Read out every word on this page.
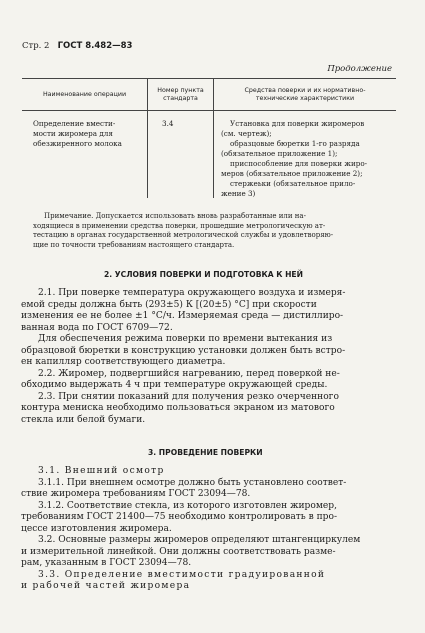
Стр. 2 ГОСТ 8.482—83
Продолжение
Наименование операции
Номер пункта
стандарта
Средства поверки и их нормативно-
технические характеристики
Определение вмести-
мости жиромера для
обезжиренного молока
3.4	Установка для поверки жиромеров
(см. чертеж);
образцовые бюретки 1-го разряда
(обязательное приложение 1);
приспособление для поверки жиро-
меров (обязательное приложение 2);
стержеьки (обязательное прило-
жение 3)
Примечание. Допускается использовать вновь разработанные или на-
ходящиеся в применении средства поверки, прошедшие метрологическую ат-
тестацию в органах государственной метрологической службы и удовлетворяю-
щие по точности требованиям настоящего стандарта.
2. УСЛОВИЯ ПОВЕРКИ И ПОДГОТОВКА К НЕЙ
2.1. При поверке температура окружающего воздуха и измеря-
емой среды должна быть (293±5) К [(20±5) °С] при скорости
изменения ее не более ±1 °С/ч. Измеряемая среда — дистиллиро-
ванная вода по ГОСТ 6709—72.
Для обеспечения режима поверки по времени вытекания из
образцовой бюретки в конструкцию установки должен быть встро-
ен капилляр соответствующего диаметра.
2.2. Жиромер, подвергшийся нагреванию, перед поверкой не-
обходимо выдержать 4 ч при температуре окружающей среды.
2.3. При снятии показаний для получения резко очерченного
контура мениска необходимо пользоваться экраном из матового
стекла или белой бумаги.
3. ПРОВЕДЕНИЕ ПОВЕРКИ
3.1. Внешний осмотр
3.1.1. При внешнем осмотре должно быть установлено соответ-
ствие жиромера требованиям ГОСТ 23094—78.
3.1.2. Соответствие стекла, из которого изготовлен жиромер,
требованиям ГОСТ 21400—75 необходимо контролировать в про-
цессе изготовления жиромера.
3.2. Основные размеры жиромеров определяют штангенциркулем
и измерительной линейкой. Они должны соответствовать разме-
рам, указанным в ГОСТ 23094—78.
3.3. Определение вместимости градуированной
и рабочей частей жиромера
